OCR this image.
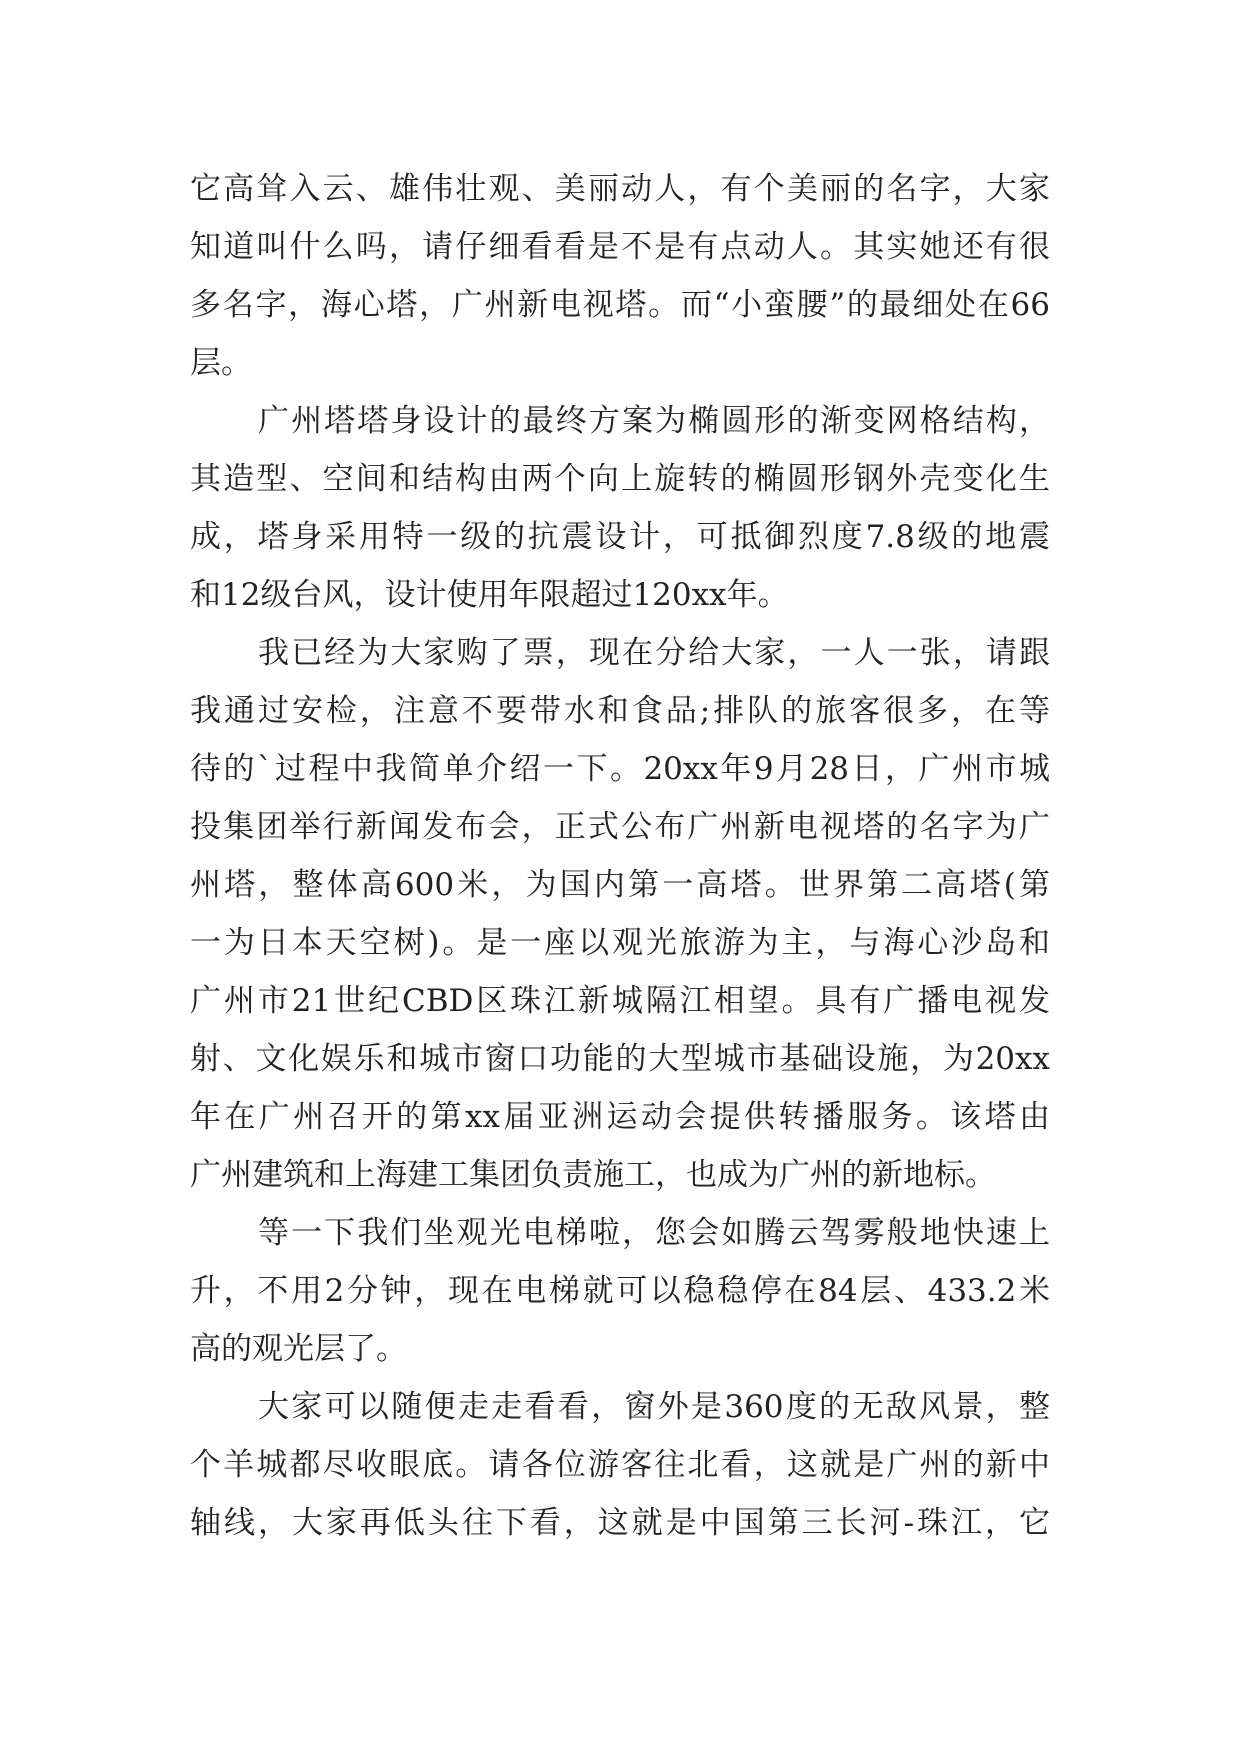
它高耸入云、雄伟壮观、美丽动人，有个美丽的名字，大家
知道叫什么吗，请仔细看看是不是有点动人。其实她还有很
多名字，海心塔，广州新电视塔。而“小蛮腰”的最细处在66
层。
广州塔塔身设计的最终方案为椭圆形的渐变网格结构，
其造型、空间和结构由两个向上旋转的椭圆形钢外壳变化生
成，塔身采用特一级的抗震设计，可抵御烈度7.8级的地震
和12级台风，设计使用年限超过120xx年。
我已经为大家购了票，现在分给大家，一人一张，请跟
我通过安检，注意不要带水和食品;排队的旅客很多，在等
待的`过程中我简单介绍一下。20xx年9月28日，广州市城
投集团举行新闻发布会，正式公布广州新电视塔的名字为广
州塔，整体高600米，为国内第一高塔。世界第二高塔(第
一为日本天空树)。是一座以观光旅游为主，与海心沙岛和
广州市21世纪CBD区珠江新城隔江相望。具有广播电视发
射、文化娱乐和城市窗口功能的大型城市基础设施，为20xx
年在广州召开的第xx届亚洲运动会提供转播服务。该塔由
广州建筑和上海建工集团负责施工，也成为广州的新地标。
等一下我们坐观光电梯啦，您会如腾云驾雾般地快速上
升，不用2分钟，现在电梯就可以稳稳停在84层、433.2米
高的观光层了。
大家可以随便走走看看，窗外是360度的无敌风景，整
个羊城都尽收眼底。请各位游客往北看，这就是广州的新中
轴线，大家再低头往下看，这就是中国第三长河-珠江，它
